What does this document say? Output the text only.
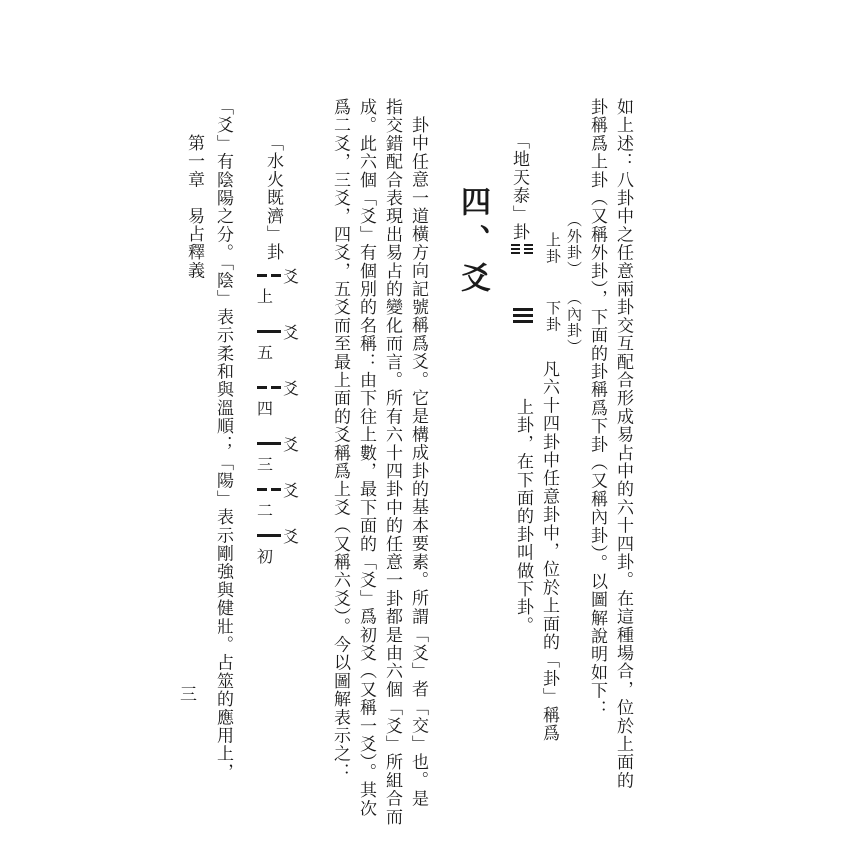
如上述：八卦中之任意兩卦交互配合形成易占中的六十四卦。在這種場合，位於上面的
卦稱爲上卦（又稱外卦），下面的卦稱爲下卦（又稱內卦）。以圖解說明如下：
（外卦）
上卦
（內卦）
下卦
凡六十四卦中任意卦中，位於上面的「卦」稱爲
上卦，在下面的卦叫做下卦。
「地天泰」卦
四、爻
卦中任意一道橫方向記號稱爲爻。它是構成卦的基本要素。所謂「爻」者「交」也。是
指交錯配合表現出易占的變化而言。所有六十四卦中的任意一卦都是由六個「爻」所組合而
成。此六個「爻」有個別的名稱：由下往上數，最下面的「爻」爲初爻（又稱一爻）。其次
爲二爻，三爻，四爻，五爻而至最上面的爻稱爲上爻（又稱六爻）。今以圖解表示之：
「水火既濟」卦
爻
上
爻
五
爻
四
爻
三
爻
二
爻
初
「爻」有陰陽之分。「陰」表示柔和與溫順；「陽」表示剛強與健壯。占筮的應用上，
第一章　易占釋義
三
